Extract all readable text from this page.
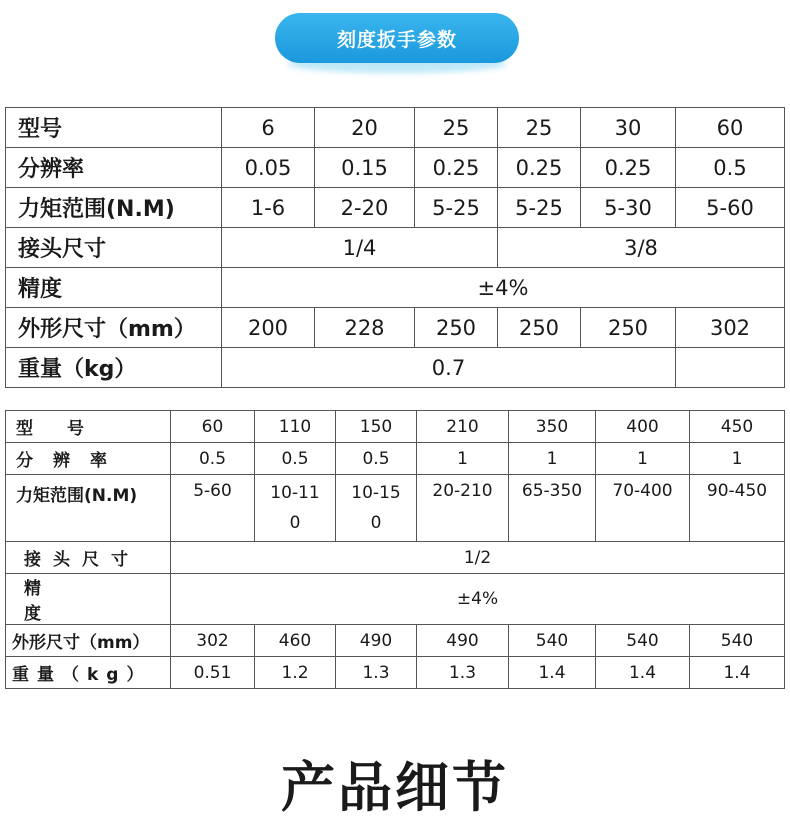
刻度扳手参数
型号	6	20	25	25	30	60
分辨率	0.05	0.15	0.25	0.25	0.25	0.5
力矩范围(N.M)	1-6	2-20	5-25	5-25	5-30	5-60
接头尺寸	1/4			3/8		
精度	±4%					
外形尺寸（mm）	200	228	250	250	250	302
重量（kg）	0.7					
型号	60	110	150	210	350	400	450
分辨率	0.5	0.5	0.5	1	1	1	1
力矩范围(N.M)	5-60	10-110	10-150	20-210	65-350	70-400	90-450
接头尺寸	1/2						
精度	±4%						
外形尺寸（mm）	302	460	490	490	540	540	540
重量（kg）	0.51	1.2	1.3	1.3	1.4	1.4	1.4
产品细节
